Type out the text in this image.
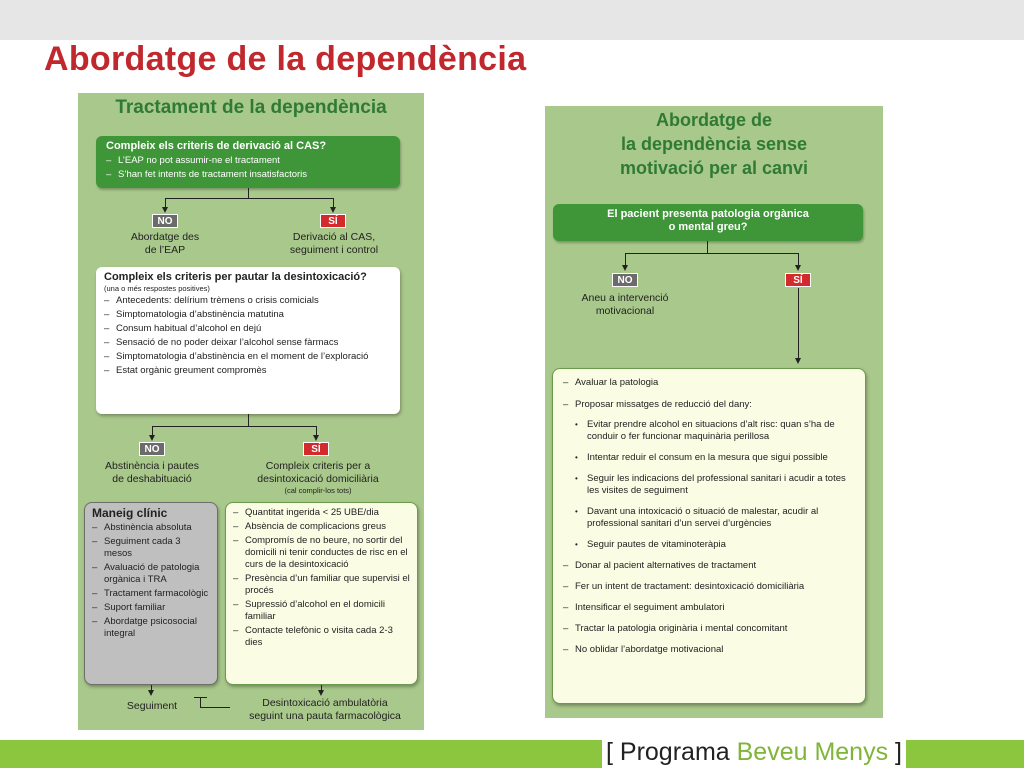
Abordatge de la dependència
Tractament de la dependència
Compleix els criteris de derivació al CAS?
– L’EAP no pot assumir-ne el tractament
– S’han fet intents de tractament insatisfactoris
NO	SÍ
Abordatge des
de l’EAP
Derivació al CAS,
seguiment i control
Compleix els criteris per pautar la desintoxicació?
(una o més respostes positives)
– Antecedents: delírium trèmens o crisis comicials
– Simptomatologia d’abstinència matutina
– Consum habitual d’alcohol en dejú
– Sensació de no poder deixar l’alcohol sense fàrmacs
– Simptomatologia d’abstinència en el moment de l’exploració
– Estat orgànic greument compromès
NO	SÍ
Abstinència i pautes
de deshabituació
Compleix criteris per a
desintoxicació domiciliària
(cal complir-los tots)
Maneig clínic
– Abstinència absoluta
– Seguiment cada 3 mesos
– Avaluació de patologia orgànica i TRA
– Tractament farmacològic
– Suport familiar
– Abordatge psicosocial integral
– Quantitat ingerida < 25 UBE/dia
– Absència de complicacions greus
– Compromís de no beure, no sortir del domicili ni tenir conductes de risc en el curs de la desintoxicació
– Presència d’un familiar que supervisi el procés
– Supressió d’alcohol en el domicili familiar
– Contacte telefònic o visita cada 2-3 dies
Seguiment	Desintoxicació ambulatòria
seguint una pauta farmacològica
Abordatge de
la dependència sense
motivació per al canvi
El pacient presenta patologia orgànica
o mental greu?
NO	SÍ
Aneu a intervenció
motivacional
– Avaluar la patologia
– Proposar missatges de reducció del dany:
• Evitar prendre alcohol en situacions d’alt risc: quan s’ha de conduir o fer funcionar maquinària perillosa
• Intentar reduir el consum en la mesura que sigui possible
• Seguir les indicacions del professional sanitari i acudir a totes les visites de seguiment
• Davant una intoxicació o situació de malestar, acudir al professional sanitari d’un servei d’urgències
• Seguir pautes de vitaminoteràpia
– Donar al pacient alternatives de tractament
– Fer un intent de tractament: desintoxicació domiciliària
– Intensificar el seguiment ambulatori
– Tractar la patologia originària i mental concomitant
– No oblidar l’abordatge motivacional
[ Programa Beveu Menys ]
